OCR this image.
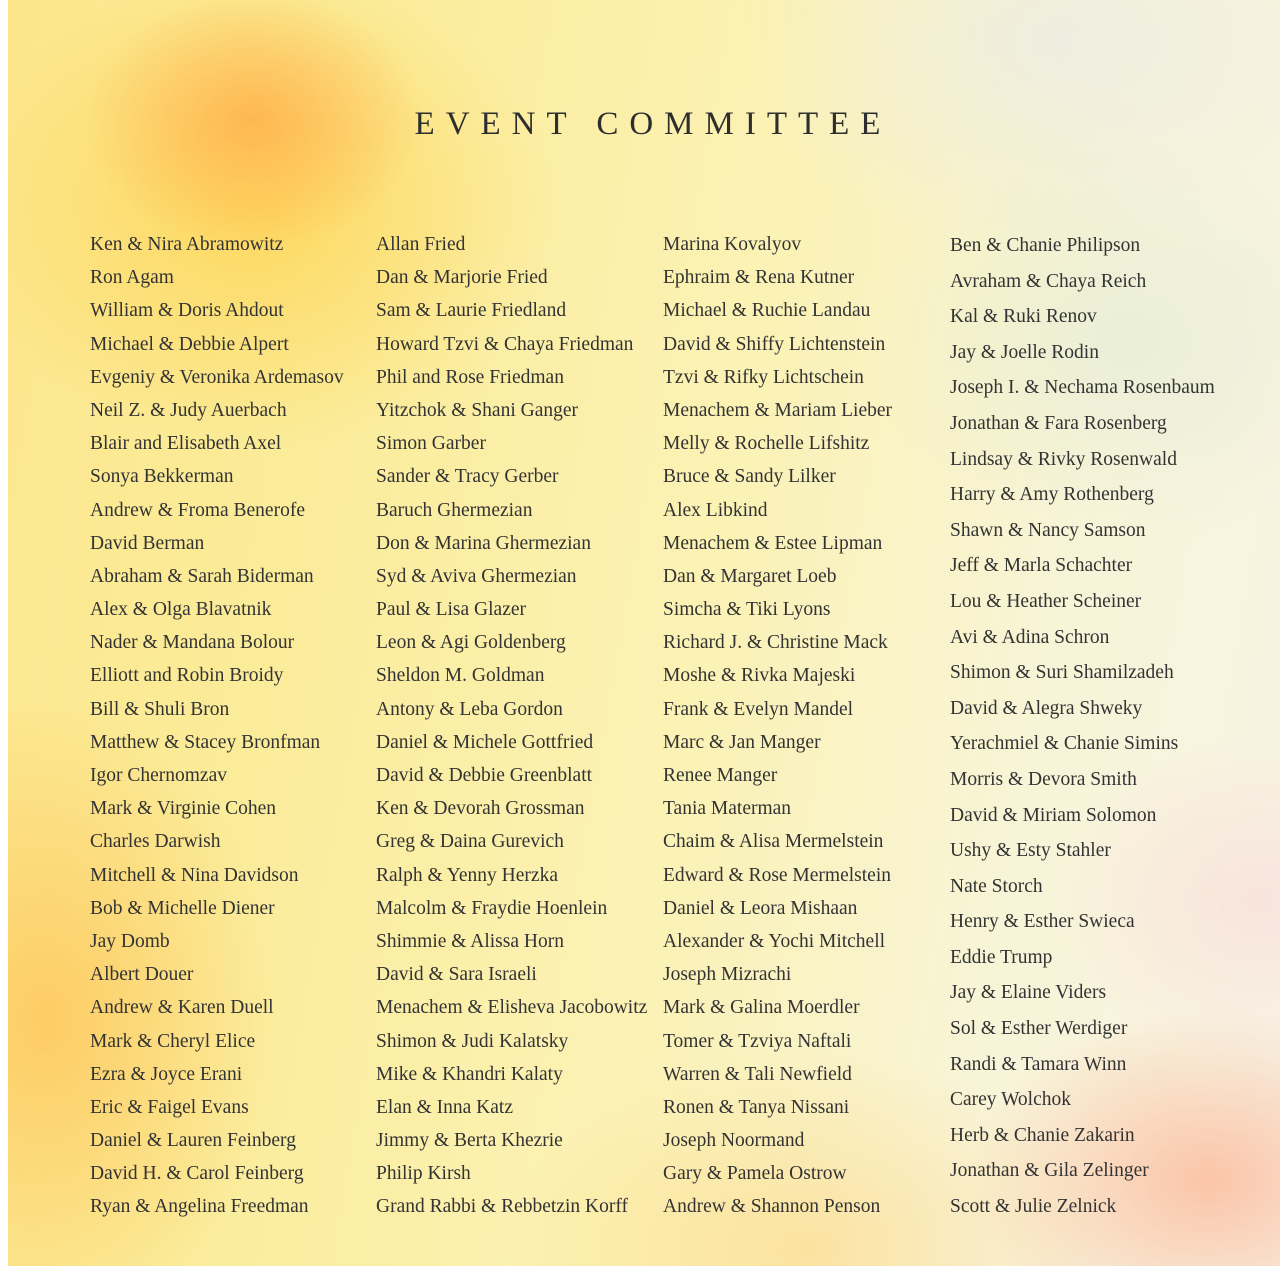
EVENT COMMITTEE
Ken & Nira Abramowitz
Ron Agam
William & Doris Ahdout
Michael & Debbie Alpert
Evgeniy & Veronika Ardemasov
Neil Z. & Judy Auerbach
Blair and Elisabeth Axel
Sonya Bekkerman
Andrew & Froma Benerofe
David Berman
Abraham & Sarah Biderman
Alex & Olga Blavatnik
Nader & Mandana Bolour
Elliott and Robin Broidy
Bill & Shuli Bron
Matthew & Stacey Bronfman
Igor Chernomzav
Mark & Virginie Cohen
Charles Darwish
Mitchell & Nina Davidson
Bob & Michelle Diener
Jay Domb
Albert Douer
Andrew & Karen Duell
Mark & Cheryl Elice
Ezra & Joyce Erani
Eric & Faigel Evans
Daniel & Lauren Feinberg
David H. & Carol Feinberg
Ryan & Angelina Freedman
Allan Fried
Dan & Marjorie Fried
Sam & Laurie Friedland
Howard Tzvi & Chaya Friedman
Phil and Rose Friedman
Yitzchok & Shani Ganger
Simon Garber
Sander & Tracy Gerber
Baruch Ghermezian
Don & Marina Ghermezian
Syd & Aviva Ghermezian
Paul & Lisa Glazer
Leon & Agi Goldenberg
Sheldon M. Goldman
Antony & Leba Gordon
Daniel & Michele Gottfried
David & Debbie Greenblatt
Ken & Devorah Grossman
Greg & Daina Gurevich
Ralph & Yenny Herzka
Malcolm & Fraydie Hoenlein
Shimmie & Alissa Horn
David & Sara Israeli
Menachem & Elisheva Jacobowitz
Shimon & Judi Kalatsky
Mike & Khandri Kalaty
Elan & Inna Katz
Jimmy & Berta Khezrie
Philip Kirsh
Grand Rabbi & Rebbetzin Korff
Marina Kovalyov
Ephraim & Rena Kutner
Michael & Ruchie Landau
David & Shiffy Lichtenstein
Tzvi & Rifky Lichtschein
Menachem & Mariam Lieber
Melly & Rochelle Lifshitz
Bruce & Sandy Lilker
Alex Libkind
Menachem & Estee Lipman
Dan & Margaret Loeb
Simcha & Tiki Lyons
Richard J. & Christine Mack
Moshe & Rivka Majeski
Frank & Evelyn Mandel
Marc & Jan Manger
Renee Manger
Tania Materman
Chaim & Alisa Mermelstein
Edward & Rose Mermelstein
Daniel & Leora Mishaan
Alexander & Yochi Mitchell
Joseph Mizrachi
Mark & Galina Moerdler
Tomer & Tzviya Naftali
Warren & Tali Newfield
Ronen & Tanya Nissani
Joseph Noormand
Gary & Pamela Ostrow
Andrew & Shannon Penson
Ben & Chanie Philipson
Avraham & Chaya Reich
Kal & Ruki Renov
Jay & Joelle Rodin
Joseph I. & Nechama Rosenbaum
Jonathan & Fara Rosenberg
Lindsay & Rivky Rosenwald
Harry & Amy Rothenberg
Shawn & Nancy Samson
Jeff & Marla Schachter
Lou & Heather Scheiner
Avi & Adina Schron
Shimon & Suri Shamilzadeh
David & Alegra Shweky
Yerachmiel & Chanie Simins
Morris & Devora Smith
David & Miriam Solomon
Ushy & Esty Stahler
Nate Storch
Henry & Esther Swieca
Eddie Trump
Jay & Elaine Viders
Sol & Esther Werdiger
Randi & Tamara Winn
Carey Wolchok
Herb & Chanie Zakarin
Jonathan & Gila Zelinger
Scott & Julie Zelnick
